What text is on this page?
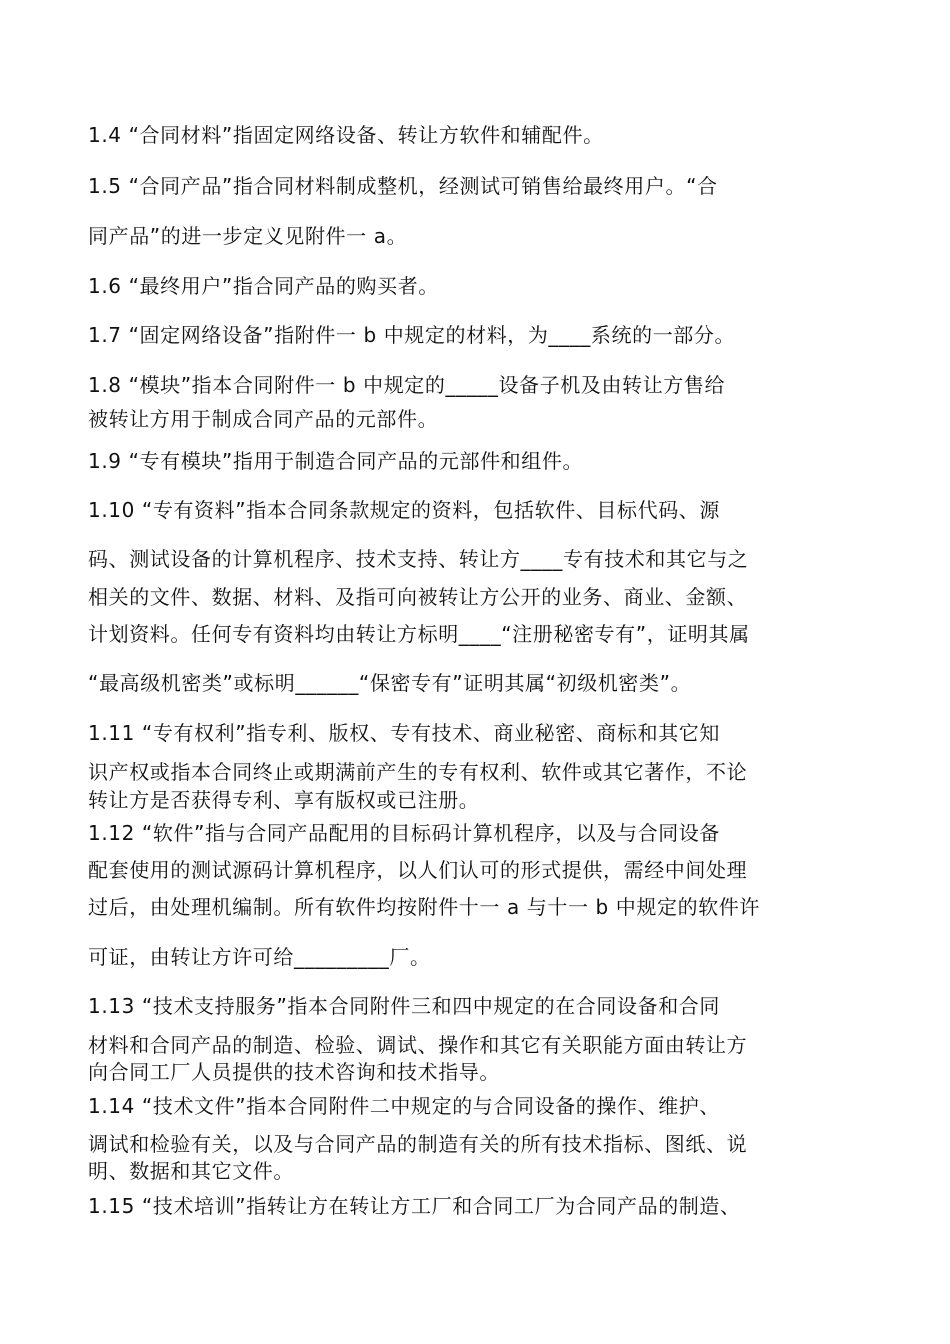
1.4 “合同材料”指固定网络设备、转让方软件和辅配件。
1.5 “合同产品”指合同材料制成整机，经测试可销售给最终用户。“合
同产品”的进一步定义见附件一 a。
1.6 “最终用户”指合同产品的购买者。
1.7 “固定网络设备”指附件一 b 中规定的材料，为____系统的一部分。
1.8 “模块”指本合同附件一 b 中规定的_____设备子机及由转让方售给
被转让方用于制成合同产品的元部件。
1.9 “专有模块”指用于制造合同产品的元部件和组件。
1.10 “专有资料”指本合同条款规定的资料，包括软件、目标代码、源
码、测试设备的计算机程序、技术支持、转让方____专有技术和其它与之
相关的文件、数据、材料、及指可向被转让方公开的业务、商业、金额、
计划资料。任何专有资料均由转让方标明____“注册秘密专有”，证明其属
“最高级机密类”或标明______“保密专有”证明其属“初级机密类”。
1.11 “专有权利”指专利、版权、专有技术、商业秘密、商标和其它知
识产权或指本合同终止或期满前产生的专有权利、软件或其它著作，不论
转让方是否获得专利、享有版权或已注册。
1.12 “软件”指与合同产品配用的目标码计算机程序，以及与合同设备
配套使用的测试源码计算机程序，以人们认可的形式提供，需经中间处理
过后，由处理机编制。所有软件均按附件十一 a 与十一 b 中规定的软件许
可证，由转让方许可给_________厂。
1.13 “技术支持服务”指本合同附件三和四中规定的在合同设备和合同
材料和合同产品的制造、检验、调试、操作和其它有关职能方面由转让方
向合同工厂人员提供的技术咨询和技术指导。
1.14 “技术文件”指本合同附件二中规定的与合同设备的操作、维护、
调试和检验有关，以及与合同产品的制造有关的所有技术指标、图纸、说
明、数据和其它文件。
1.15 “技术培训”指转让方在转让方工厂和合同工厂为合同产品的制造、
